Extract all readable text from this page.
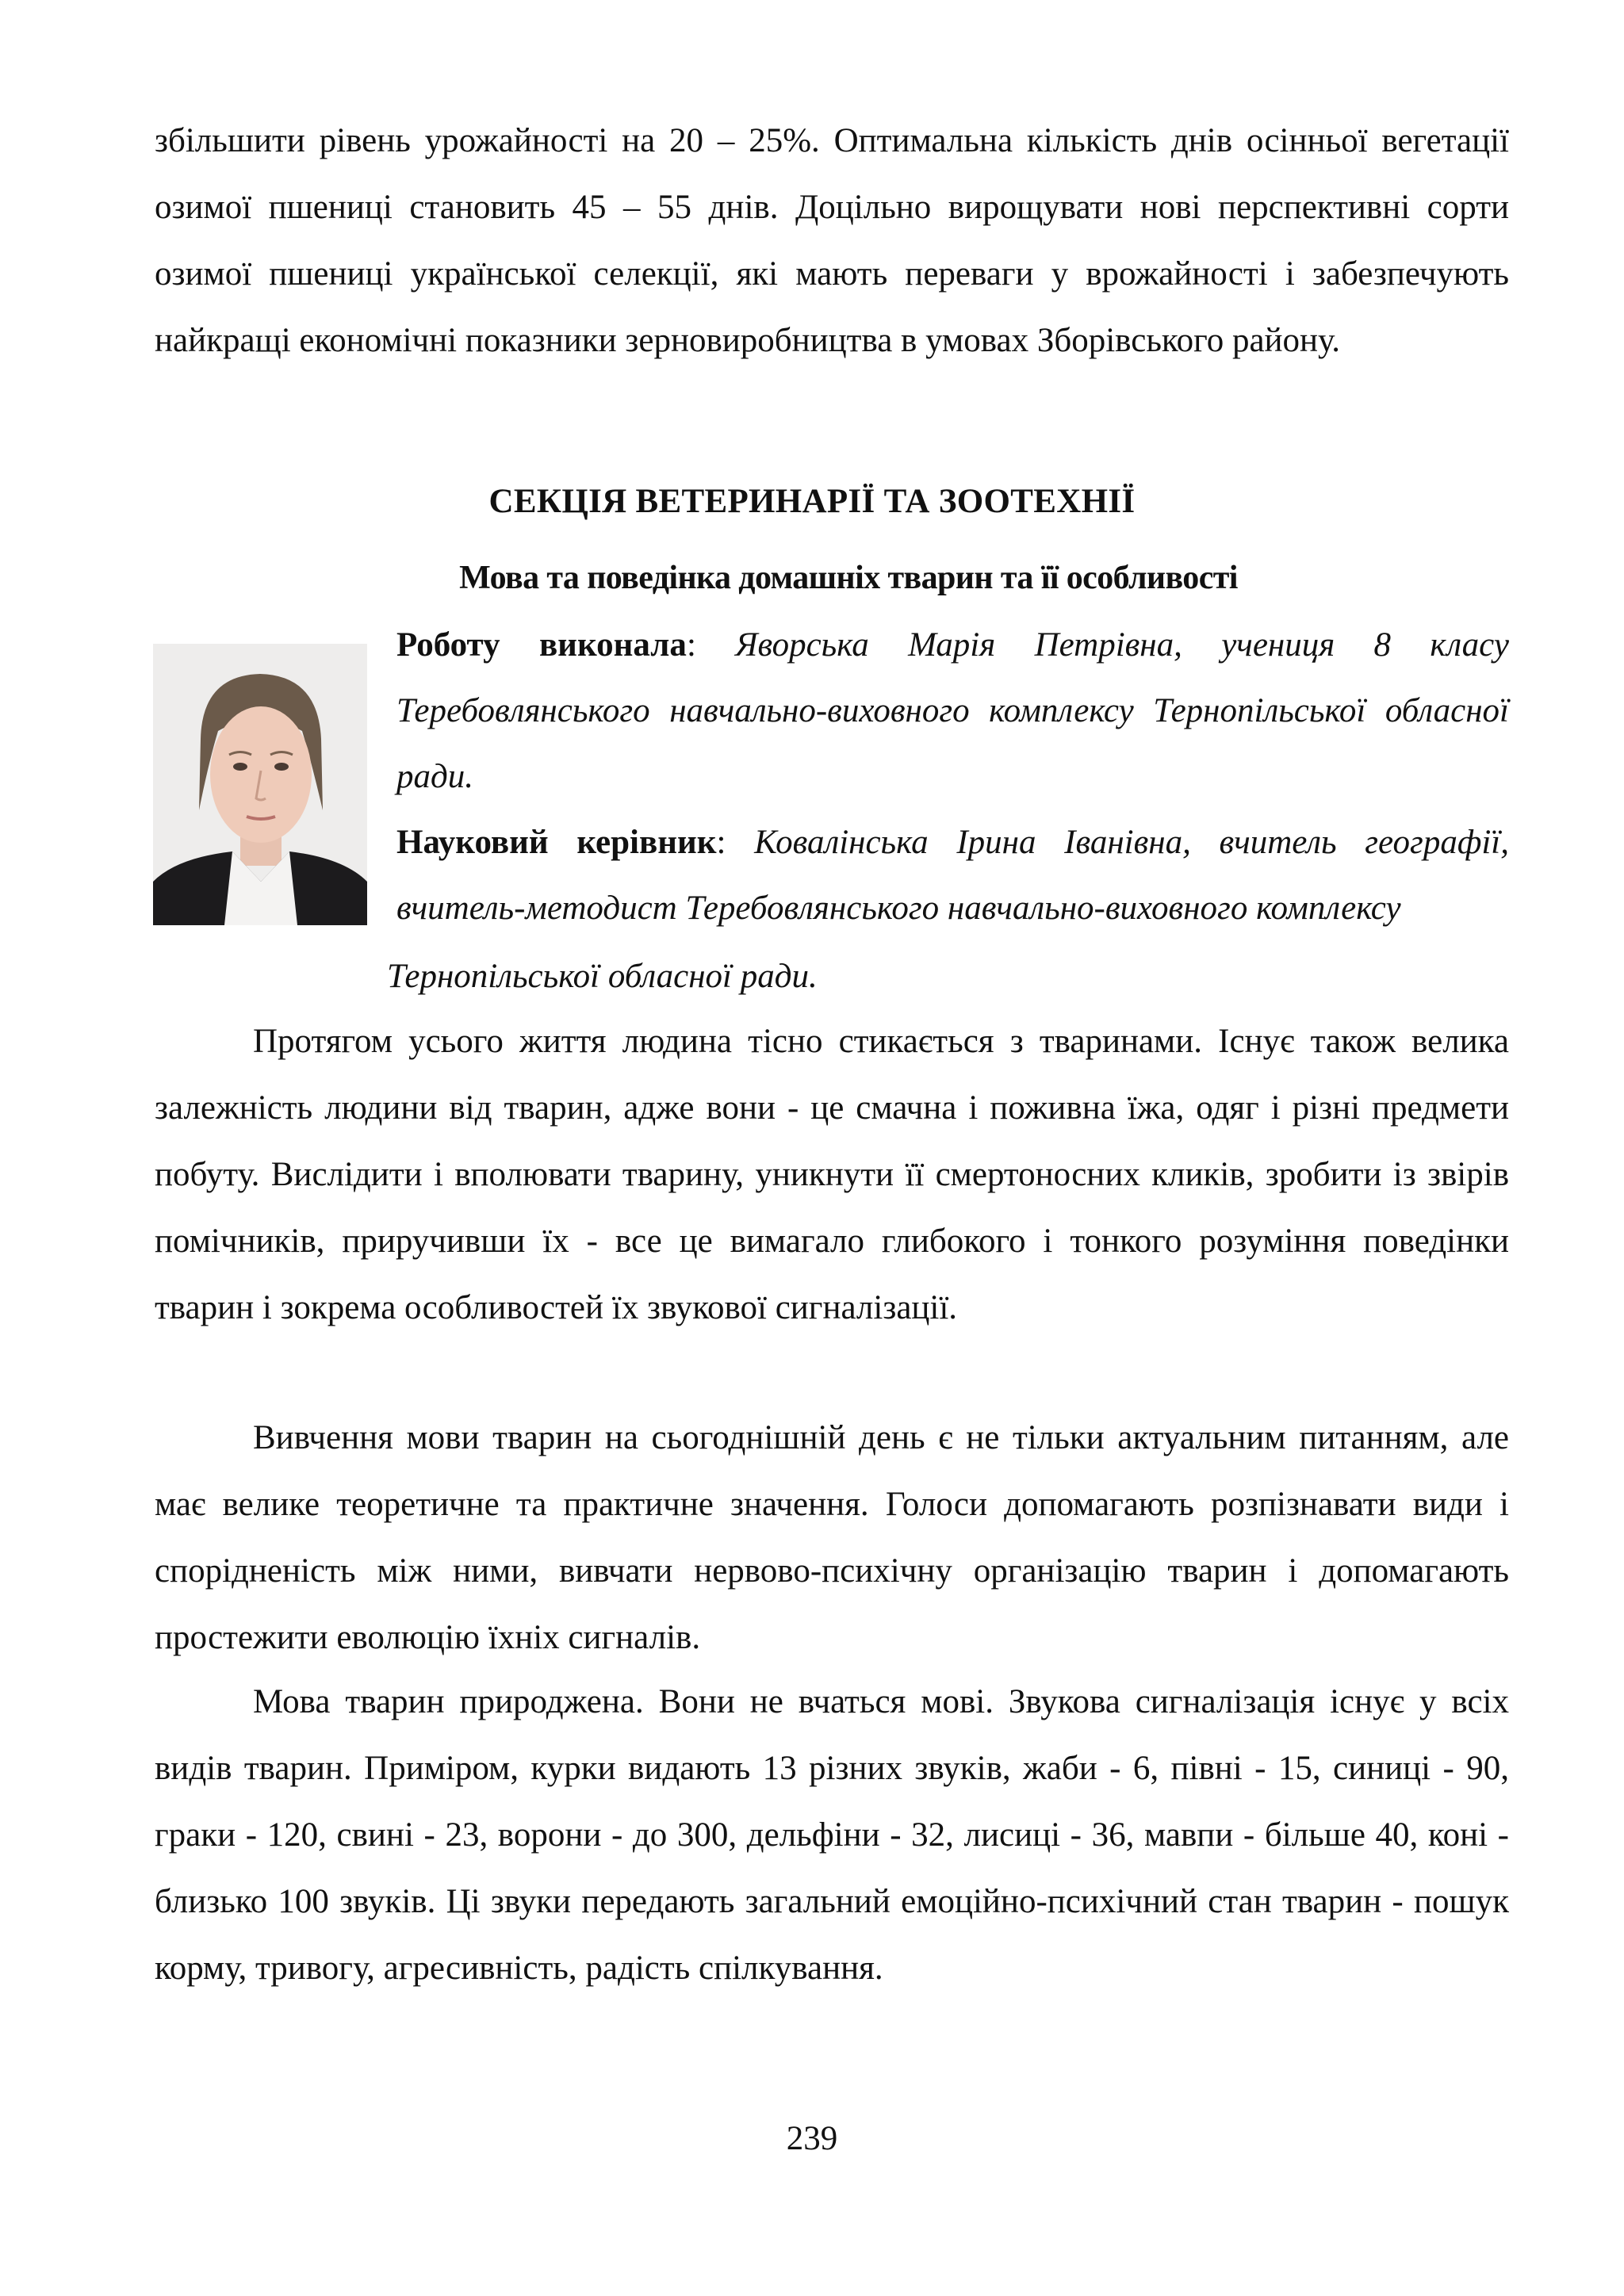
збільшити рівень урожайності на 20 – 25%. Оптимальна кількість днів осінньої вегетації озимої пшениці становить 45 – 55 днів. Доцільно вирощувати нові перспективні сорти озимої пшениці української селекції, які мають переваги у врожайності і забезпечують найкращі економічні показники зерновиробництва в умовах Зборівського району.
СЕКЦІЯ ВЕТЕРИНАРІЇ ТА ЗООТЕХНІЇ
Мова та поведінка домашніх тварин та її особливості
Роботу виконала: Яворська Марія Петрівна, учениця 8 класу Теребовлянського навчально-виховного комплексу Тернопільської обласної ради.
Науковий керівник: Ковалінська Ірина Іванівна, вчитель географії, вчитель-методист Теребовлянського навчально-виховного комплексу
Тернопільської обласної ради.
Протягом усього життя людина тісно стикається з тваринами. Існує також велика залежність людини від тварин, адже вони - це смачна і поживна їжа, одяг і різні предмети побуту. Вислідити і вполювати тварину, уникнути її смертоносних кликів, зробити із звірів помічників, приручивши їх - все це вимагало глибокого і тонкого розуміння поведінки тварин і зокрема особливостей їх звукової сигналізації.
Вивчення мови тварин на сьогоднішній день є не тільки актуальним питанням, але має велике теоретичне та практичне значення. Голоси допомагають розпізнавати види і спорідненість між ними, вивчати нервово-психічну організацію тварин і допомагають простежити еволюцію їхніх сигналів.
Мова тварин природжена. Вони не вчаться мові. Звукова сигналізація існує у всіх видів тварин. Приміром, курки видають 13 різних звуків, жаби - 6, півні - 15, синиці - 90, граки - 120, свині - 23, ворони - до 300, дельфіни - 32, лисиці - 36, мавпи - більше 40, коні - близько 100 звуків. Ці звуки передають загальний емоційно-психічний стан тварин - пошук корму, тривогу, агресивність, радість спілкування.
239
